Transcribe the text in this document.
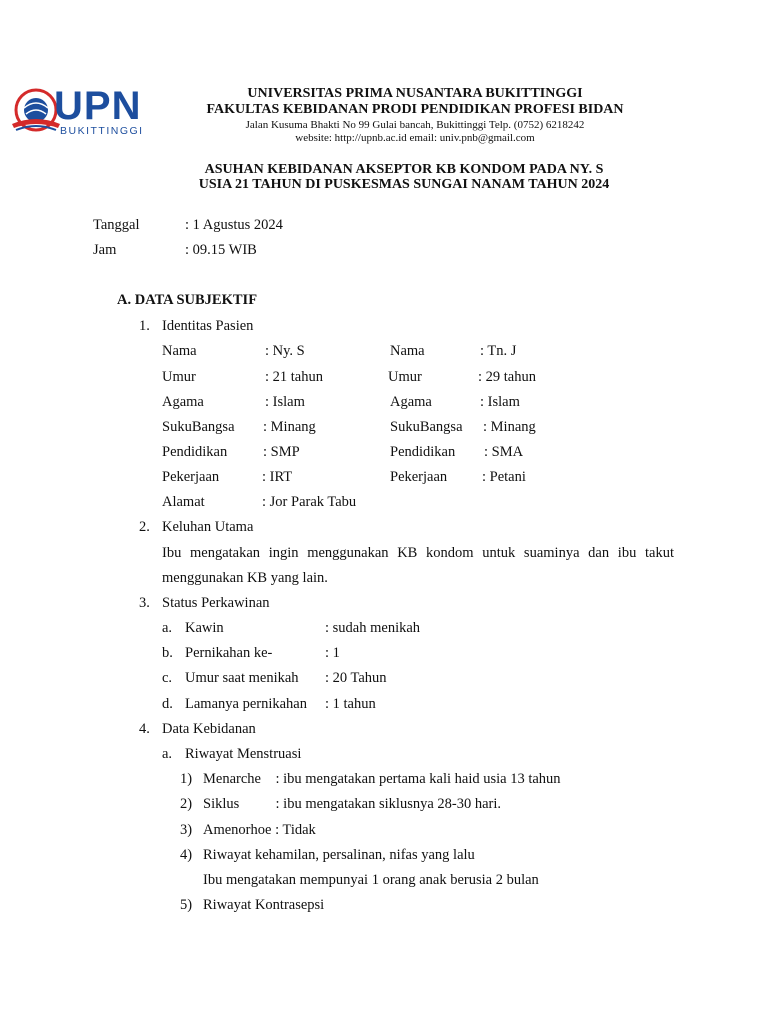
UPN
BUKITTINGGI
UNIVERSITAS PRIMA NUSANTARA BUKITTINGGI
FAKULTAS KEBIDANAN PRODI PENDIDIKAN PROFESI BIDAN
Jalan Kusuma Bhakti No 99 Gulai bancah, Bukittinggi Telp. (0752) 6218242
website: http://upnb.ac.id email: univ.pnb@gmail.com
ASUHAN KEBIDANAN AKSEPTOR KB KONDOM PADA NY. S
USIA 21 TAHUN DI PUSKESMAS SUNGAI NANAM TAHUN 2024
Tanggal	: 1 Agustus 2024
Jam	: 09.15 WIB
A. DATA SUBJEKTIF
1. Identitas Pasien
Nama	: Ny. S	Nama	: Tn. J
Umur	: 21 tahun	Umur	: 29 tahun
Agama	: Islam	Agama	: Islam
SukuBangsa : Minang	SukuBangsa : Minang
Pendidikan : SMP	Pendidikan : SMA
Pekerjaan	: IRT	Pekerjaan : Petani
Alamat	: Jor Parak Tabu
2. Keluhan Utama
Ibu mengatakan ingin menggunakan KB kondom untuk suaminya dan ibu takut menggunakan KB yang lain.
3. Status Perkawinan
a. Kawin	: sudah menikah
b. Pernikahan ke-	: 1
c. Umur saat menikah : 20 Tahun
d. Lamanya pernikahan : 1 tahun
4. Data Kebidanan
a. Riwayat Menstruasi
1) Menarche    : ibu mengatakan pertama kali haid usia 13 tahun
2) Siklus          : ibu mengatakan siklusnya 28-30 hari.
3) Amenorhoe : Tidak
4) Riwayat kehamilan, persalinan, nifas yang lalu
Ibu mengatakan mempunyai 1 orang anak berusia 2 bulan
5) Riwayat Kontrasepsi
